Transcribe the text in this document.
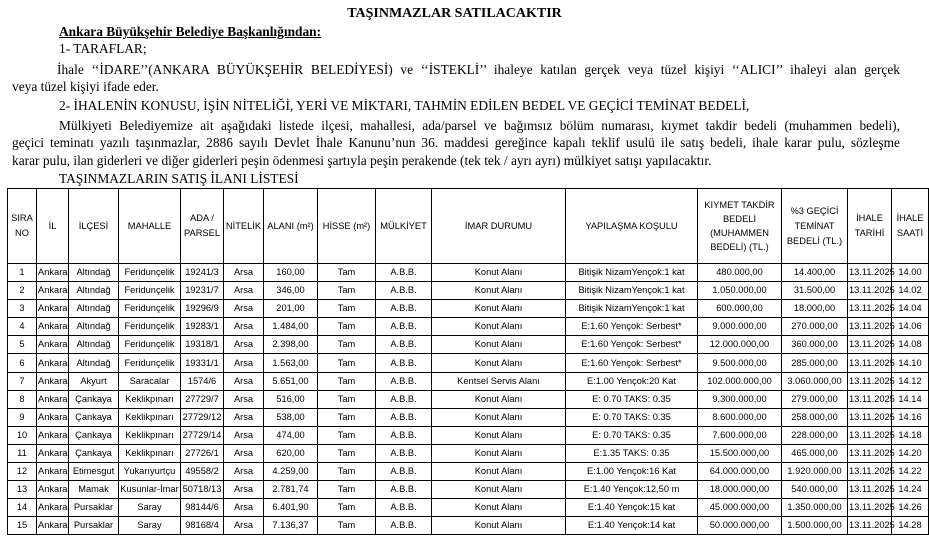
TAŞINMAZLAR SATILACAKTIR
Ankara Büyükşehir Belediye Başkanlığından:
1- TARAFLAR;
İhale ‘‘İDARE’’(ANKARA BÜYÜKŞEHİR BELEDİYESİ) ve ‘‘İSTEKLİ’’ ihaleye katılan gerçek veya tüzel kişiyi ‘‘ALICI’’ ihaleyi alan gerçek
veya tüzel kişiyi ifade eder.
2- İHALENİN KONUSU, İŞİN NİTELİĞİ, YERİ VE MİKTARI, TAHMİN EDİLEN BEDEL VE GEÇİCİ TEMİNAT BEDELİ,
Mülkiyeti Belediyemize ait aşağıdaki listede ilçesi, mahallesi, ada/parsel ve bağımsız bölüm numarası, kıymet takdir bedeli (muhammen bedeli),
geçici teminatı yazılı taşınmazlar, 2886 sayılı Devlet İhale Kanunu’nun 36. maddesi gereğince kapalı teklif usulü ile satış bedeli, ihale karar pulu, sözleşme
karar pulu, ilan giderleri ve diğer giderleri peşin ödenmesi şartıyla peşin perakende (tek tek / ayrı ayrı) mülkiyet satışı yapılacaktır.
TAŞINMAZLARIN SATIŞ İLANI LİSTESİ
SIRA NO	İL	İLÇESİ	MAHALLE	ADA / PARSEL	NİTELİK	ALANI (m²)	HİSSE (m²)	MÜLKİYET	İMAR DURUMU	YAPILAŞMA KOŞULU	KIYMET TAKDİR BEDELİ (MUHAMMEN BEDELİ) (TL.)	%3 GEÇİCİ TEMİNAT BEDELİ (TL.)	İHALE TARİHİ	İHALE SAATİ
1	Ankara	Altındağ	Feridunçelik	19241/3	Arsa	160,00	Tam	A.B.B.	Konut Alanı	Bitişik NizamYençok:1 kat	480.000,00	14.400,00	13.11.2025	14.00
2	Ankara	Altındağ	Feridunçelik	19231/7	Arsa	346,00	Tam	A.B.B.	Konut Alanı	Bitişik NizamYençok:1 kat	1.050.000,00	31.500,00	13.11.2025	14.02
3	Ankara	Altındağ	Feridunçelik	19296/9	Arsa	201,00	Tam	A.B.B.	Konut Alanı	Bitişik NizamYençok:1 kat	600.000,00	18.000,00	13.11.2025	14.04
4	Ankara	Altındağ	Feridunçelik	19283/1	Arsa	1.484,00	Tam	A.B.B.	Konut Alanı	E:1.60 Yençok: Serbest*	9.000.000,00	270.000,00	13.11.2025	14.06
5	Ankara	Altındağ	Feridunçelik	19318/1	Arsa	2.398,00	Tam	A.B.B.	Konut Alanı	E:1.60 Yençok: Serbest*	12.000.000,00	360.000,00	13.11.2025	14.08
6	Ankara	Altındağ	Feridunçelik	19331/1	Arsa	1.563,00	Tam	A.B.B.	Konut Alanı	E:1.60 Yençok: Serbest*	9.500.000,00	285.000,00	13.11.2025	14.10
7	Ankara	Akyurt	Saracalar	1574/6	Arsa	5.651,00	Tam	A.B.B.	Kentsel Servis Alanı	E:1.00 Yençok:20 Kat	102.000.000,00	3.060.000,00	13.11.2025	14.12
8	Ankara	Çankaya	Keklikpınarı	27729/7	Arsa	516,00	Tam	A.B.B.	Konut Alanı	E: 0.70 TAKS: 0.35	9.300.000,00	279.000,00	13.11.2025	14.14
9	Ankara	Çankaya	Keklikpınarı	27729/12	Arsa	538,00	Tam	A.B.B.	Konut Alanı	E: 0.70 TAKS: 0.35	8.600.000,00	258.000,00	13.11.2025	14.16
10	Ankara	Çankaya	Keklikpınarı	27729/14	Arsa	474,00	Tam	A.B.B.	Konut Alanı	E: 0.70 TAKS: 0.35	7.600.000,00	228.000,00	13.11.2025	14.18
11	Ankara	Çankaya	Keklikpınarı	27726/1	Arsa	620,00	Tam	A.B.B.	Konut Alanı	E:1.35 TAKS: 0.35	15.500.000,00	465.000,00	13.11.2025	14.20
12	Ankara	Etimesgut	Yukarıyurtçu	49558/2	Arsa	4.259,00	Tam	A.B.B.	Konut Alanı	E:1.00 Yençok:16 Kat	64.000.000,00	1.920.000,00	13.11.2025	14.22
13	Ankara	Mamak	Kusunlar-İmar	50718/13	Arsa	2.781,74	Tam	A.B.B.	Konut Alanı	E:1.40 Yençok:12,50 m	18.000.000,00	540.000,00	13.11.2025	14.24
14	Ankara	Pursaklar	Saray	98144/6	Arsa	6.401,90	Tam	A.B.B.	Konut Alanı	E:1.40 Yençok:15 kat	45.000.000,00	1.350.000,00	13.11.2025	14.26
15	Ankara	Pursaklar	Saray	98168/4	Arsa	7.136,37	Tam	A.B.B.	Konut Alanı	E:1.40 Yençok:14 kat	50.000.000,00	1.500.000,00	13.11.2025	14.28
